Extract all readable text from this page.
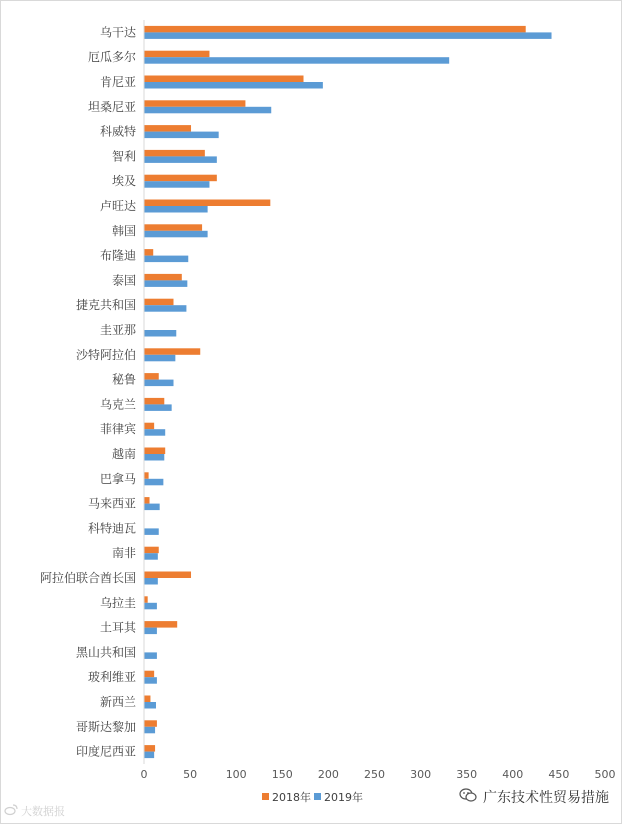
乌干达
厄瓜多尔
肯尼亚
坦桑尼亚
科威特
智利
埃及
卢旺达
韩国
布隆迪
泰国
捷克共和国
圭亚那
沙特阿拉伯
秘鲁
乌克兰
菲律宾
越南
巴拿马
马来西亚
科特迪瓦
南非
阿拉伯联合酋长国
乌拉圭
土耳其
黑山共和国
玻利维亚
新西兰
哥斯达黎加
印度尼西亚
0	50	100 150 200 250 300 350 400 450 500
2018年 2019年	广东技术性贸易措施
大数据报
